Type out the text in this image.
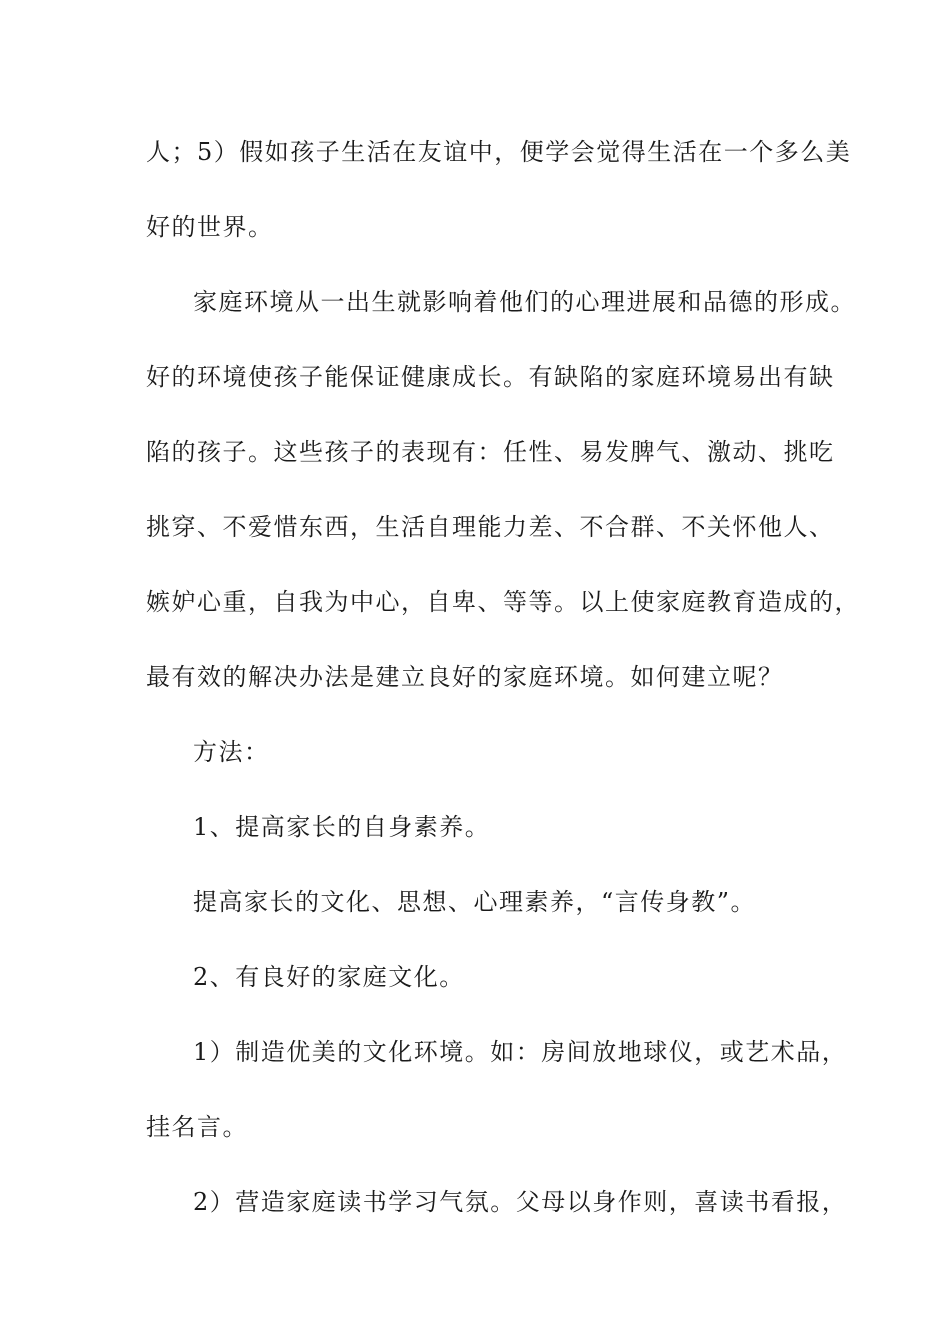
人；5）假如孩子生活在友谊中，便学会觉得生活在一个多么美
好的世界。
家庭环境从一出生就影响着他们的心理进展和品德的形成。
好的环境使孩子能保证健康成长。有缺陷的家庭环境易出有缺
陷的孩子。这些孩子的表现有：任性、易发脾气、激动、挑吃
挑穿、不爱惜东西，生活自理能力差、不合群、不关怀他人、
嫉妒心重，自我为中心，自卑、等等。以上使家庭教育造成的，
最有效的解决办法是建立良好的家庭环境。如何建立呢？
方法：
1、提高家长的自身素养。
提高家长的文化、思想、心理素养，“言传身教”。
2、有良好的家庭文化。
1）制造优美的文化环境。如：房间放地球仪，或艺术品，
挂名言。
2）营造家庭读书学习气氛。父母以身作则，喜读书看报，
